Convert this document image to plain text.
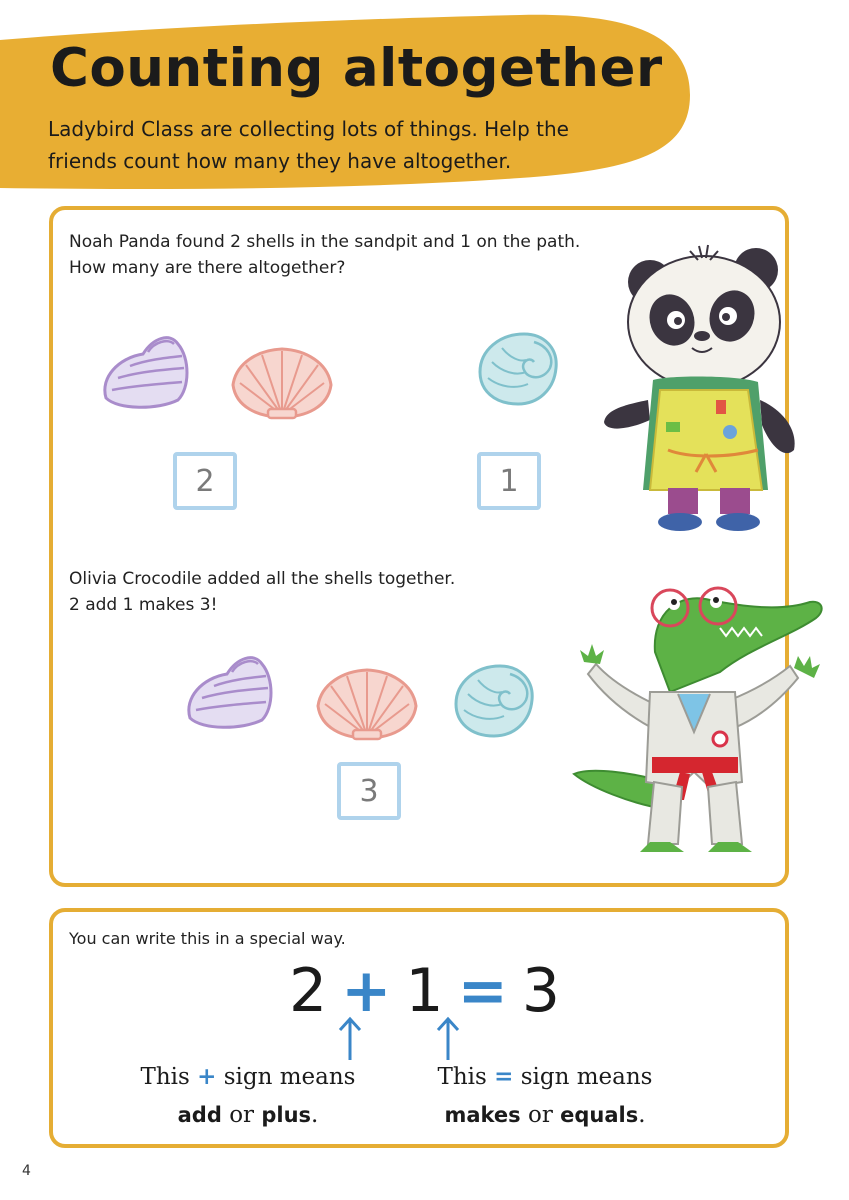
Counting altogether

Ladybird Class are collecting lots of things. Help the friends count how many they have altogether.

Noah Panda found 2 shells in the sandpit and 1 on the path.

How many are there altogether?

2	1

Olivia Crocodile added all the shells together.

2 add 1 makes 3!

3

You can write this in a special way.

2 + 1 = 3

This + sign means
add or plus.

This = sign means
makes or equals.

4
